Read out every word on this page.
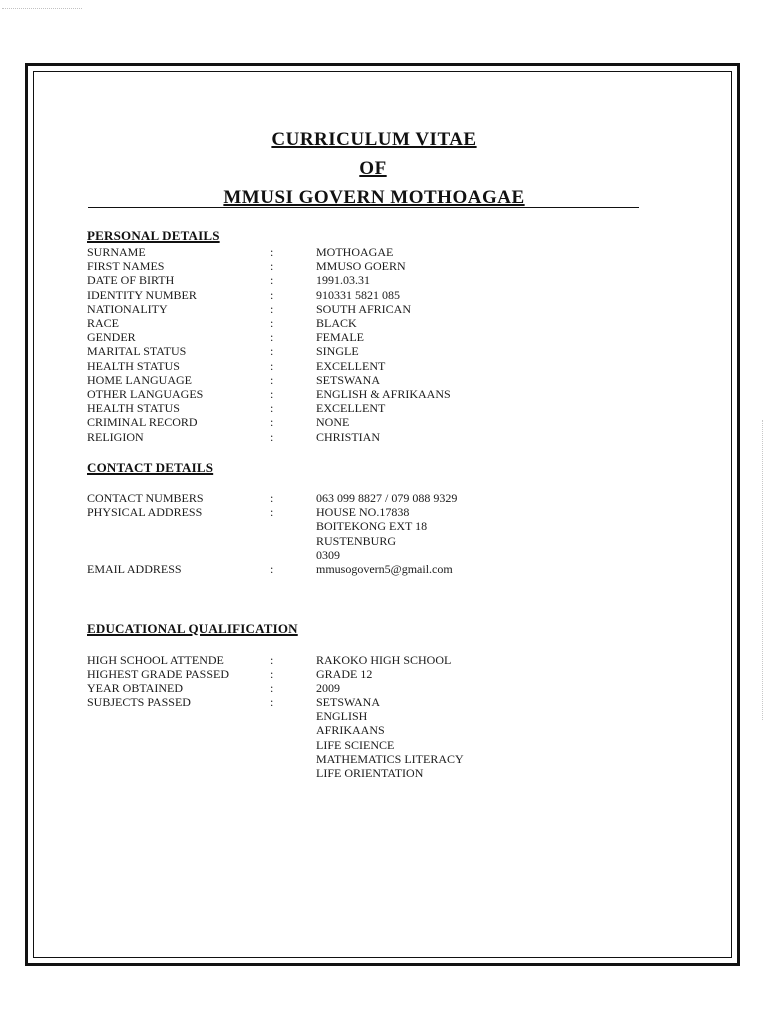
CURRICULUM VITAE
OF
MMUSI GOVERN MOTHOAGAE
PERSONAL DETAILS
SURNAME	:	MOTHOAGAE
FIRST NAMES	:	MMUSO GOERN
DATE OF BIRTH	:	1991.03.31
IDENTITY NUMBER	:	910331 5821 085
NATIONALITY	:	SOUTH AFRICAN
RACE	:	BLACK
GENDER	:	FEMALE
MARITAL STATUS	:	SINGLE
HEALTH STATUS	:	EXCELLENT
HOME LANGUAGE	:	SETSWANA
OTHER LANGUAGES	:	ENGLISH & AFRIKAANS
HEALTH STATUS	:	EXCELLENT
CRIMINAL RECORD	:	NONE
RELIGION	:	CHRISTIAN
CONTACT DETAILS
CONTACT NUMBERS	:	063 099 8827 / 079 088 9329
PHYSICAL ADDRESS	:	HOUSE NO.17838
BOITEKONG EXT 18
RUSTENBURG
0309
EMAIL ADDRESS	:	mmusogovern5@gmail.com
EDUCATIONAL QUALIFICATION
HIGH SCHOOL ATTENDE	:	RAKOKO HIGH SCHOOL
HIGHEST GRADE PASSED	:	GRADE 12
YEAR OBTAINED	:	2009
SUBJECTS PASSED	:	SETSWANA
ENGLISH
AFRIKAANS
LIFE SCIENCE
MATHEMATICS LITERACY
LIFE ORIENTATION
